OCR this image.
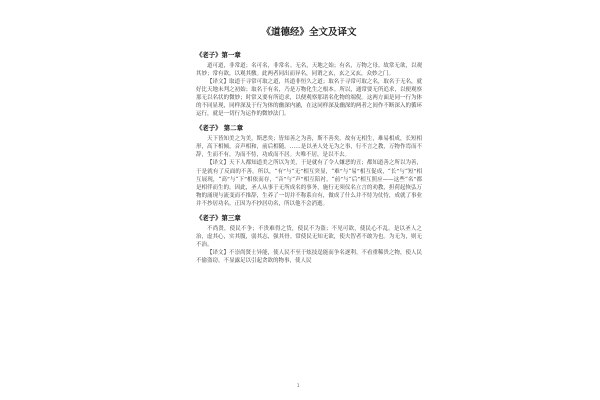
《道德经》全文及译文
《老子》第一章

道可道，非常道；名可名，非常名。无名，天地之始；有名，万物之母。故常无欲，以观其妙；常有欲，以观其徼。此两者同出而异名，同谓之玄，玄之又玄，众妙之门。

【译文】取道于寻常可取之道，其道非恒久之道；取名于寻常可取之名，取名于无名，就好比天地未判之初始；取名于有名，乃是万物化生之根本。所以，通常要无所追求，以便观察那无以名状的微妙；时常又要有所追求，以便观察那诸名化物的端倪。这两方面是同一行为体的不同显现，同样深及于行为体的幽深内涵，在这同样深及幽深的两者之间作不断深入的循环运行，就是一切行为运作的微妙法门。

《老子》 第二章

天下皆知美之为美，斯恶矣；皆知善之为善，斯不善矣。故有无相生，难易相成，长短相形，高下相倾，音声相和，前后相随。……是以圣人处无为之事，行不言之教，万物作焉而不辞，生而不有，为而不恃，功成而不居。夫唯不居，是以不去。

【译文】天下人都知道美之所以为美，于是就有了令人嫌恶的丑；都知道善之所以为善，于是就有了反面的不善。所以，“有”与“无”相互突显，“难”与“易”相互促成，“长”与“短”相互展现，“高”与“下”相依而存，“音”与“声”相互陪衬，“前”与“后”相互照应——这些“名”都是相伴而生的。因此，圣人从事于无所成名的事务，施行无须仪名立言的劝教，担荷起恢弘万物的涌现与流变而不推辞，生养了一切并不称系自有，做成了什么并不恃为仗恃，成就了事业并不抄居功名。正因为不抄居功名，所以他不会消逝。

《老子》第三章

不尚贤，使民不争；不贵难得之货，使民不为盗；不见可欲，使民心不乱。是以圣人之治，虚其心，实其腹，弱其志，强其骨。常使民无知无欲，使夫智者不敢为也。为无为，则无不治。

【译文】不崇尚贤士异能，使人民不至于炫技逞能而争名逐利。不看重稀贵之物，使人民不偷盗窃。不显露足以引起贪欲的物事，使人民

1
